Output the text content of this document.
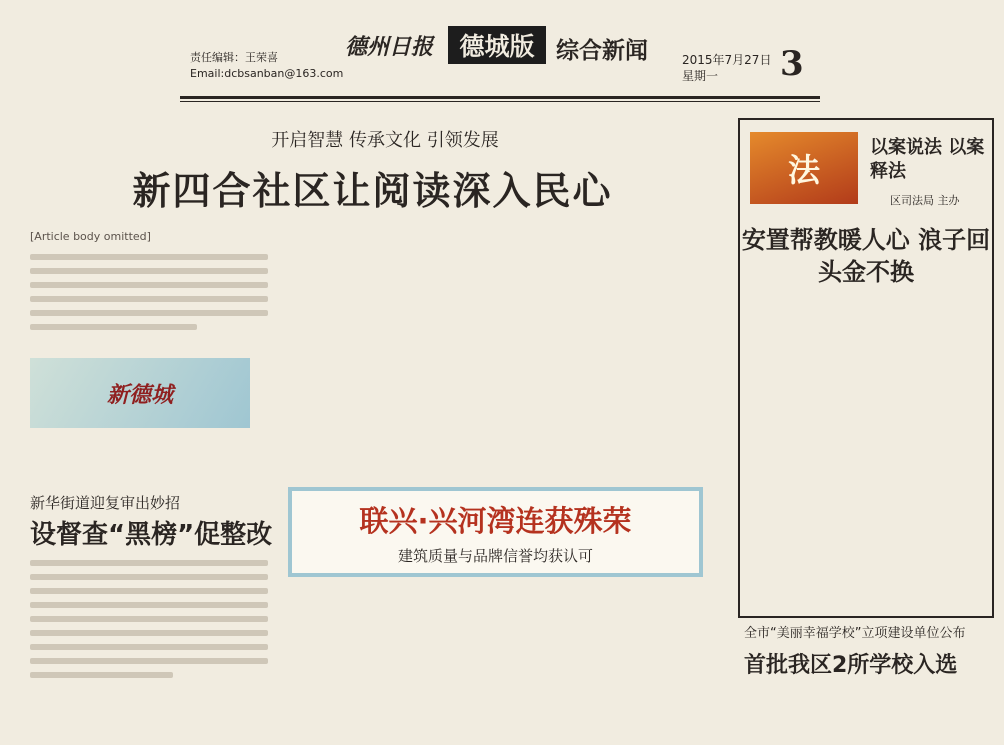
责任编辑：王荣喜
Email:dcbsanban@163.com
德州日报	德城版 综合新闻	2015年7月27日
星期一	3
开启智慧 传承文化 引领发展
新四合社区让阅读深入民心
[Article body omitted]
新德城
新华街道迎复审出妙招
设督查“黑榜”促整改	联兴·兴河湾连获殊荣
建筑质量与品牌信誉均获认可
法
以案说法 以案释法
区司法局 主办
安置帮教暖人心 浪子回头金不换
全市“美丽幸福学校”立项建设单位公布
首批我区2所学校入选
